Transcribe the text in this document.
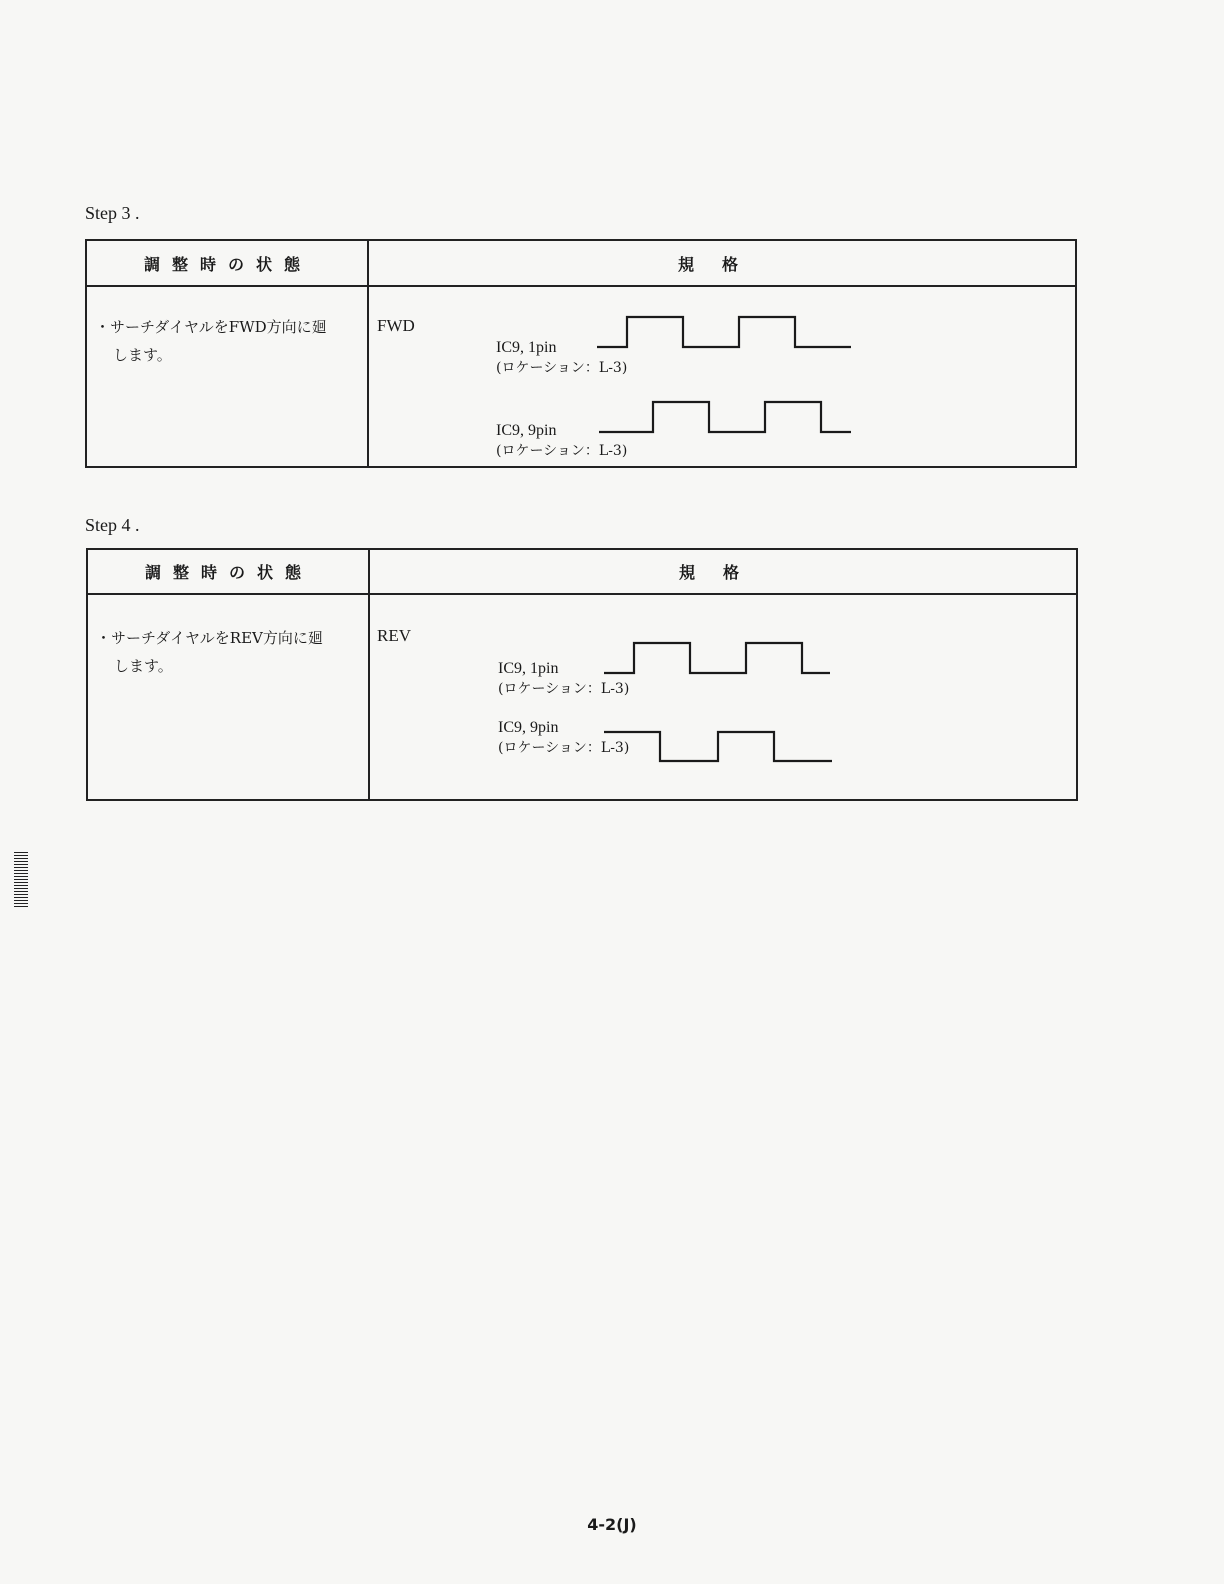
Step 3 .
調整時の状態	規格
・サーチダイヤルをFWD方向に廻
します。
FWD
IC9, 1pin
(ロケーション：L-3)
IC9, 9pin
(ロケーション：L-3)
Step 4 .
調整時の状態	規格
・サーチダイヤルをREV方向に廻
します。
REV
IC9, 1pin
(ロケーション：L-3)
IC9, 9pin
(ロケーション：L-3)
4-2(J)
